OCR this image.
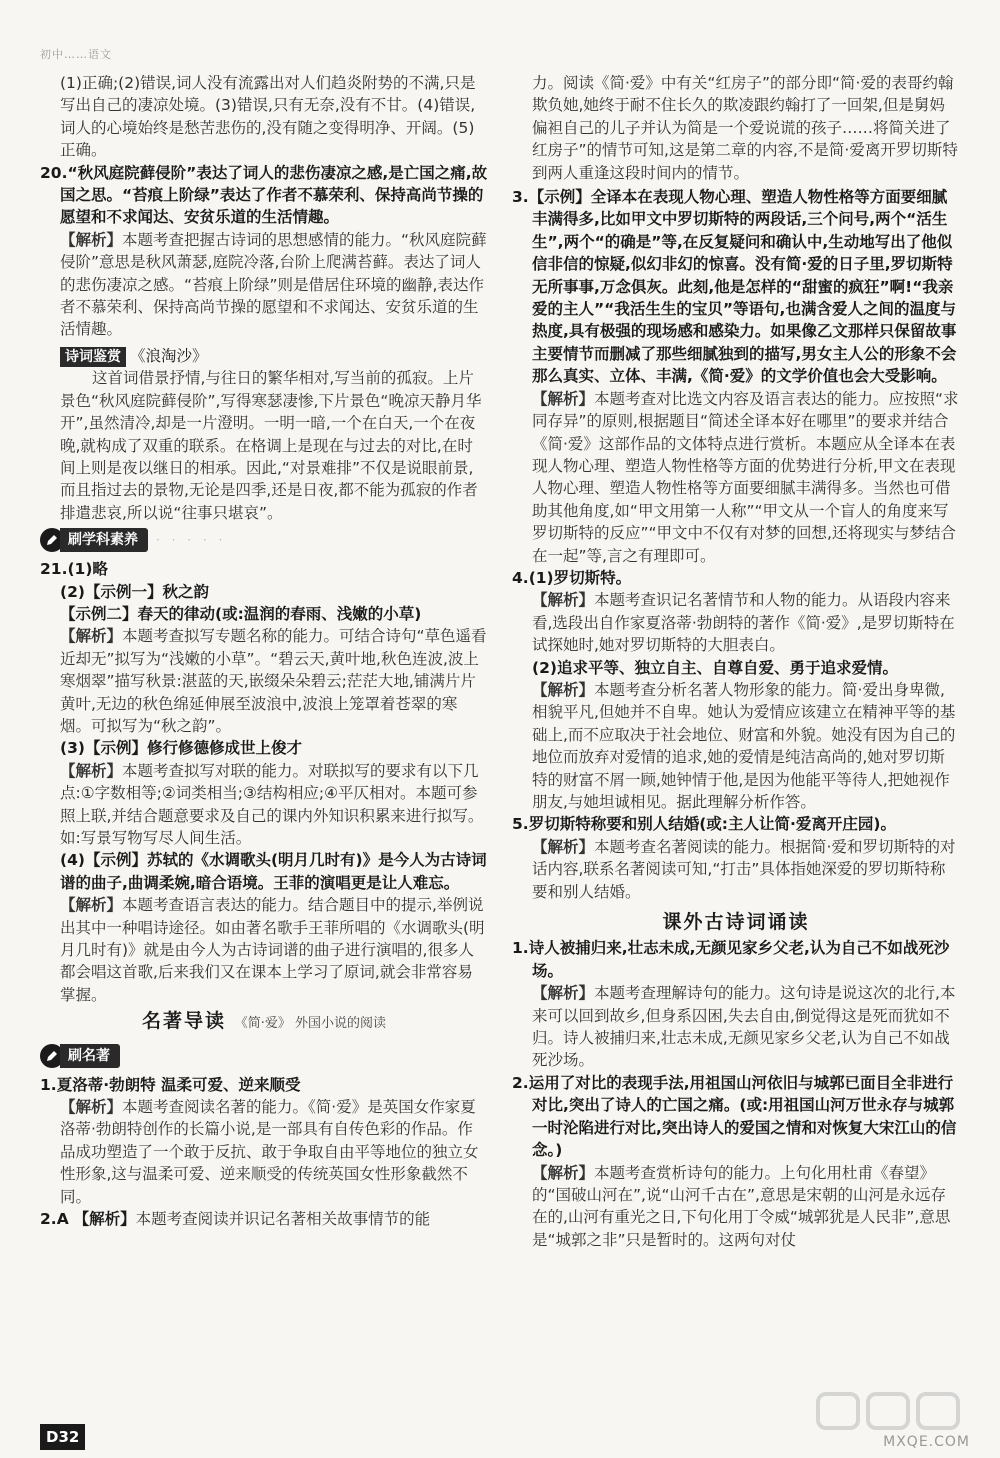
初中……语文

(1)正确;(2)错误,词人没有流露出对人们趋炎附势的不满,只是写出自己的凄凉处境。(3)错误,只有无奈,没有不甘。(4)错误,词人的心境始终是愁苦悲伤的,没有随之变得明净、开阔。(5)正确。

20.“秋风庭院藓侵阶”表达了词人的悲伤凄凉之感,是亡国之痛,故国之思。“苔痕上阶绿”表达了作者不慕荣利、保持高尚节操的愿望和不求闻达、安贫乐道的生活情趣。

【解析】本题考查把握古诗词的思想感情的能力。“秋风庭院藓侵阶”意思是秋风萧瑟,庭院冷落,台阶上爬满苔藓。表达了词人的悲伤凄凉之感。“苔痕上阶绿”则是借居住环境的幽静,表达作者不慕荣利、保持高尚节操的愿望和不求闻达、安贫乐道的生活情趣。

诗词鉴赏 《浪淘沙》

这首词借景抒情,与往日的繁华相对,写当前的孤寂。上片景色“秋风庭院藓侵阶”,写得寒瑟凄惨,下片景色“晚凉天静月华开”,虽然清冷,却是一片澄明。一明一暗,一个在白天,一个在夜晚,就构成了双重的联系。在格调上是现在与过去的对比,在时间上则是夜以继日的相承。因此,“对景难排”不仅是说眼前景,而且指过去的景物,无论是四季,还是日夜,都不能为孤寂的作者排遣悲哀,所以说“往事只堪哀”。

刷学科素养	· · · · ·

21.(1)略

(2)【示例一】秋之韵

【示例二】春天的律动(或:温润的春雨、浅嫩的小草)

【解析】本题考查拟写专题名称的能力。可结合诗句“草色遥看近却无”拟写为“浅嫩的小草”。“碧云天,黄叶地,秋色连波,波上寒烟翠”描写秋景:湛蓝的天,嵌缀朵朵碧云;茫茫大地,铺满片片黄叶,无边的秋色绵延伸展至波浪中,波浪上笼罩着苍翠的寒烟。可拟写为“秋之韵”。

(3)【示例】修行修德修成世上俊才

【解析】本题考查拟写对联的能力。对联拟写的要求有以下几点:①字数相等;②词类相当;③结构相应;④平仄相对。本题可参照上联,并结合题意要求及自己的课内外知识积累来进行拟写。如:写景写物写尽人间生活。

(4)【示例】苏轼的《水调歌头(明月几时有)》是今人为古诗词谱的曲子,曲调柔婉,暗合语境。王菲的演唱更是让人难忘。

【解析】本题考查语言表达的能力。结合题目中的提示,举例说出其中一种唱诗途径。如由著名歌手王菲所唱的《水调歌头(明月几时有)》就是由今人为古诗词谱的曲子进行演唱的,很多人都会唱这首歌,后来我们又在课本上学习了原词,就会非常容易掌握。

名著导读 《简·爱》 外国小说的阅读
刷名著

1.夏洛蒂·勃朗特 温柔可爱、逆来顺受

【解析】本题考查阅读名著的能力。《简·爱》是英国女作家夏洛蒂·勃朗特创作的长篇小说,是一部具有自传色彩的作品。作品成功塑造了一个敢于反抗、敢于争取自由平等地位的独立女性形象,这与温柔可爱、逆来顺受的传统英国女性形象截然不同。

2.A 【解析】本题考查阅读并识记名著相关故事情节的能

力。阅读《简·爱》中有关“红房子”的部分即“简·爱的表哥约翰欺负她,她终于耐不住长久的欺凌跟约翰打了一回架,但是舅妈偏袒自己的儿子并认为简是一个爱说谎的孩子……将简关进了红房子”的情节可知,这是第二章的内容,不是简·爱离开罗切斯特到两人重逢这段时间内的情节。

3.【示例】全译本在表现人物心理、塑造人物性格等方面要细腻丰满得多,比如甲文中罗切斯特的两段话,三个问号,两个“活生生”,两个“的确是”等,在反复疑问和确认中,生动地写出了他似信非信的惊疑,似幻非幻的惊喜。没有简·爱的日子里,罗切斯特无所事事,万念俱灰。此刻,他是怎样的“甜蜜的疯狂”啊!“我亲爱的主人”“我活生生的宝贝”等语句,也满含爱人之间的温度与热度,具有极强的现场感和感染力。如果像乙文那样只保留故事主要情节而删减了那些细腻独到的描写,男女主人公的形象不会那么真实、立体、丰满,《简·爱》的文学价值也会大受影响。

【解析】本题考查对比选文内容及语言表达的能力。应按照“求同存异”的原则,根据题目“简述全译本好在哪里”的要求并结合《简·爱》这部作品的文体特点进行赏析。本题应从全译本在表现人物心理、塑造人物性格等方面的优势进行分析,甲文在表现人物心理、塑造人物性格等方面要细腻丰满得多。当然也可借助其他角度,如“甲文用第一人称”“甲文从一个盲人的角度来写罗切斯特的反应”“甲文中不仅有对梦的回想,还将现实与梦结合在一起”等,言之有理即可。

4.(1)罗切斯特。

【解析】本题考查识记名著情节和人物的能力。从语段内容来看,选段出自作家夏洛蒂·勃朗特的著作《简·爱》,是罗切斯特在试探她时,她对罗切斯特的大胆表白。

(2)追求平等、独立自主、自尊自爱、勇于追求爱情。

【解析】本题考查分析名著人物形象的能力。简·爱出身卑微,相貌平凡,但她并不自卑。她认为爱情应该建立在精神平等的基础上,而不应取决于社会地位、财富和外貌。她没有因为自己的地位而放弃对爱情的追求,她的爱情是纯洁高尚的,她对罗切斯特的财富不屑一顾,她钟情于他,是因为他能平等待人,把她视作朋友,与她坦诚相见。据此理解分析作答。

5.罗切斯特称要和别人结婚(或:主人让简·爱离开庄园)。

【解析】本题考查名著阅读的能力。根据简·爱和罗切斯特的对话内容,联系名著阅读可知,“打击”具体指她深爱的罗切斯特称要和别人结婚。

课外古诗词诵读

1.诗人被捕归来,壮志未成,无颜见家乡父老,认为自己不如战死沙场。

【解析】本题考查理解诗句的能力。这句诗是说这次的北行,本来可以回到故乡,但身系囚困,失去自由,倒觉得这是死而犹如不归。诗人被捕归来,壮志未成,无颜见家乡父老,认为自己不如战死沙场。

2.运用了对比的表现手法,用祖国山河依旧与城郭已面目全非进行对比,突出了诗人的亡国之痛。(或:用祖国山河万世永存与城郭一时沦陷进行对比,突出诗人的爱国之情和对恢复大宋江山的信念。)

【解析】本题考查赏析诗句的能力。上句化用杜甫《春望》的“国破山河在”,说“山河千古在”,意思是宋朝的山河是永远存在的,山河有重光之日,下句化用丁令威“城郭犹是人民非”,意思是“城郭之非”只是暂时的。这两句对仗

D32	MXQE.COM
